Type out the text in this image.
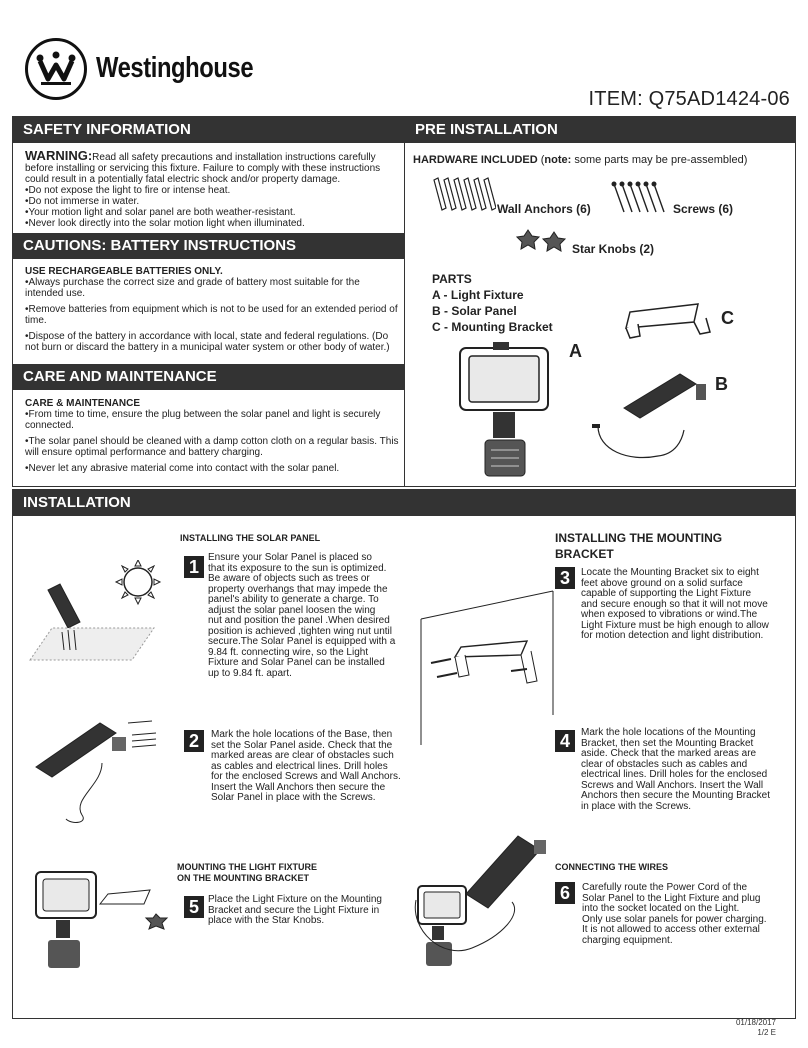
Westinghouse
ITEM: Q75AD1424-06
SAFETY INFORMATION

WARNING:Read all safety precautions and installation instructions carefully before installing or servicing this fixture. Failure to comply with these instructions could result in a potentially fatal electric shock and/or property damage.

•Do not expose the light to fire or intense heat.

•Do not immerse in water.

•Your motion light and solar panel are both weather-resistant.

•Never look directly into the solar motion light when illuminated.

CAUTIONS: BATTERY INSTRUCTIONS

USE RECHARGEABLE BATTERIES ONLY.

•Always purchase the correct size and grade of battery most suitable for the intended use.

•Remove batteries from equipment which is not to be used for an extended period of time.

•Dispose of the battery in accordance with local, state and federal regulations. (Do not burn or discard the battery in a municipal water system or other body of water.)

CARE AND MAINTENANCE

CARE & MAINTENANCE

•From time to time, ensure the plug between the solar panel and light is securely connected.

•The solar panel should be cleaned with a damp cotton cloth on a regular basis. This will ensure optimal performance and battery charging.

•Never let any abrasive material come into contact with the solar panel.

PRE INSTALLATION
HARDWARE INCLUDED (note: some parts may be pre-assembled)
Wall Anchors (6)	Screws (6)
Star Knobs (2)
PARTS
A - Light Fixture
B - Solar Panel
C - Mounting Bracket
A
C
B
INSTALLATION
INSTALLING THE SOLAR PANEL	INSTALLING THE MOUNTING
BRACKET
1 Ensure your Solar Panel is placed so
that its exposure to the sun is optimized.
Be aware of objects such as trees or
property overhangs that may impede the
panel's ability to generate a charge. To
adjust the solar panel loosen the wing
nut and position the panel .When desired
position is achieved ,tighten wing nut until
secure.The Solar Panel is equipped with a
9.84 ft. connecting wire, so the Light
Fixture and Solar Panel can be installed
up to 9.84 ft. apart.
2	Mark the hole locations of the Base, then
set the Solar Panel aside. Check that the
marked areas are clear of obstacles such
as cables and electrical lines. Drill holes
for the enclosed Screws and Wall Anchors.
Insert the Wall Anchors then secure the
Solar Panel in place with the Screws.
3	Locate the Mounting Bracket six to eight
feet above ground on a solid surface
capable of supporting the Light Fixture
and secure enough so that it will not move
when exposed to vibrations or wind.The
Light Fixture must be high enough to allow
for motion detection and light distribution.
4	Mark the hole locations of the Mounting
Bracket, then set the Mounting Bracket
aside. Check that the marked areas are
clear of obstacles such as cables and
electrical lines. Drill holes for the enclosed
Screws and Wall Anchors. Insert the Wall
Anchors then secure the Mounting Bracket
in place with the Screws.
MOUNTING THE LIGHT FIXTURE
ON THE MOUNTING BRACKET
5 Place the Light Fixture on the Mounting
Bracket and secure the Light Fixture in
place with the Star Knobs.
CONNECTING THE WIRES
6	Carefully route the Power Cord of the
Solar Panel to the Light Fixture and plug
into the socket located on the Light.
Only use solar panels for power charging.
It is not allowed to access other external
charging equipment.
01/18/2017
1/2 E
